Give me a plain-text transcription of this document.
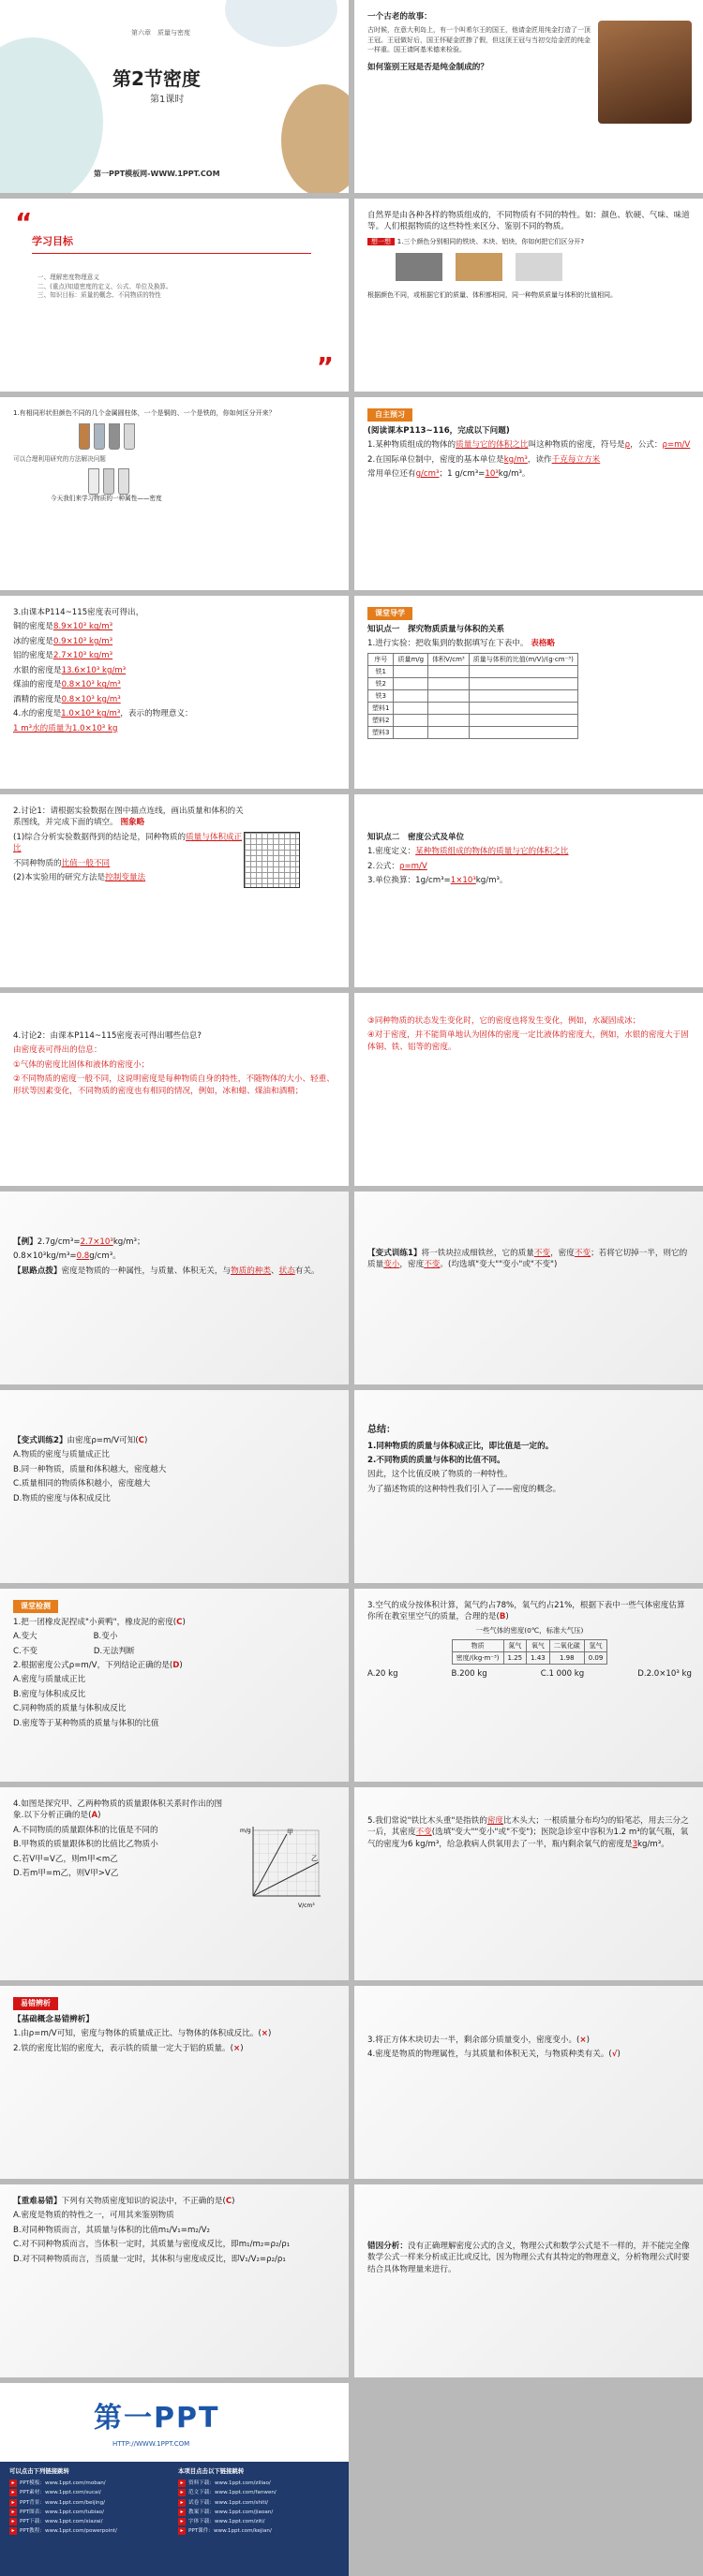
第六章　质量与密度
第2节密度
第1课时
第一PPT模板网-WWW.1PPT.COM
一个古老的故事：
古时候，在意大利岛上，有一个叫希尔王的国王，他请金匠用纯金打造了一顶王冠。王冠做好后，国王怀疑金匠掺了假，但这顶王冠与当初交给金匠的纯金一样重。国王请阿基米德来检验。
如何鉴别王冠是否是纯金制成的？
“
学习目标
一、理解密度物理意义
二、(重点)知道密度的定义、公式、单位及换算。
三、知识目标：质量的概念、不同物质的特性
”
自然界是由各种各样的物质组成的，不同物质有不同的特性。如：颜色、软硬、气味、味道等。人们根据物质的这些特性来区分、鉴别不同的物质。
想一想 1.三个颜色分别相同的铁块、木块、铝块，你如何把它们区分开?
根据颜色不同，或根据它们的质量、体积都相同，同一种物质质量与体积的比值相同。
1.有相同形状但颜色不同的几个金属圆柱体，一个是铜的、一个是铁的，你如何区分开来？
可以合理利用研究的方法解决问题
今天我们来学习物质的一种属性——密度
自主预习
(阅读课本P113~116，完成以下问题)
1.某种物质组成的物体的质量与它的体积之比叫这种物质的密度，符号是ρ，公式：ρ=m/V
2.在国际单位制中，密度的基本单位是kg/m³，读作千克每立方米
常用单位还有g/cm³；1 g/cm³=10³kg/m³。
3.由课本P114~115密度表可得出，
铜的密度是8.9×10³ kg/m³
冰的密度是0.9×10³ kg/m³
铝的密度是2.7×10³ kg/m³
水银的密度是13.6×10³ kg/m³
煤油的密度是0.8×10³ kg/m³
酒精的密度是0.8×10³ kg/m³
4.水的密度是1.0×10³ kg/m³，表示的物理意义：
1 m³水的质量为1.0×10³ kg
课堂导学
知识点一　探究物质质量与体积的关系
1.进行实验：把收集到的数据填写在下表中。 表格略
序号	质量m/g	体积V/cm³	质量与体积的比值(m/V)/(g·cm⁻³)
铁1			
铁2			
铁3			
塑料1			
塑料2			
塑料3			
2.讨论1：请根据实验数据在图中描点连线，画出质量和体积的关系图线，并完成下面的填空。 图象略
(1)综合分析实验数据得到的结论是，同种物质的质量与体积成正比
不同种物质的比值一般不同
(2)本实验用的研究方法是控制变量法
知识点二　密度公式及单位
1.密度定义：某种物质组成的物体的质量与它的体积之比
2.公式：ρ=m/V
3.单位换算：1g/cm³=1×10³kg/m³。
4.讨论2：由课本P114~115密度表可得出哪些信息?
由密度表可得出的信息：
①气体的密度比固体和液体的密度小；
②不同物质的密度一般不同，这说明密度是每种物质自身的特性，不随物体的大小、轻重、形状等因素变化，不同物质的密度也有相同的情况，例如，冰和蜡、煤油和酒精；
③同种物质的状态发生变化时，它的密度也将发生变化，例如，水凝固成冰；
④对于密度，并不能简单地认为固体的密度一定比液体的密度大，例如，水银的密度大于固体铜、铁、铝等的密度。
【例】2.7g/cm³=2.7×10³kg/m³；
0.8×10³kg/m³=0.8g/cm³。
【思路点拨】密度是物质的一种属性，与质量、体积无关，与物质的种类、状态有关。
【变式训练1】将一铁块拉成细铁丝，它的质量不变，密度不变；若将它切掉一半，则它的质量变小，密度不变。(均选填"变大""变小"或"不变")
【变式训练2】由密度ρ=m/V可知(C)
A.物质的密度与质量成正比
B.同一种物质，质量和体积越大，密度越大
C.质量相同的物质体积越小，密度越大
D.物质的密度与体积成反比
总结：
1.同种物质的质量与体积成正比，即比值是一定的。
2.不同物质的质量与体积的比值不同。
因此，这个比值反映了物质的一种特性。
为了描述物质的这种特性我们引入了——密度的概念。
课堂检测
1.把一团橡皮泥捏成"小黄鸭"，橡皮泥的密度(C)
A.变大	B.变小
C.不变	D.无法判断
2.根据密度公式ρ=m/V，下列结论正确的是(D)
A.密度与质量成正比
B.密度与体积成反比
C.同种物质的质量与体积成反比
D.密度等于某种物质的质量与体积的比值
3.空气的成分按体积计算，氮气约占78%，氧气约占21%，根据下表中一些气体密度估算你所在教室里空气的质量，合理的是(B)
一些气体的密度(0℃，标准大气压)
物质	氮气	氧气	二氧化碳	氢气
密度/(kg·m⁻³)	1.25	1.43	1.98	0.09
A.20 kg	B.200 kg	C.1 000 kg	D.2.0×10³ kg
4.如图是探究甲、乙两种物质的质量跟体积关系时作出的图象.以下分析正确的是(A)
A.不同物质的质量跟体积的比值是不同的
B.甲物质的质量跟体积的比值比乙物质小
C.若V甲=V乙，则m甲<m乙
D.若m甲=m乙，则V甲>V乙
甲
乙
m/g
V/cm³
5.我们常说"铁比木头重"是指铁的密度比木头大；一根质量分布均匀的铅笔芯，用去三分之一后，其密度不变(选填"变大""变小"或"不变")；医院急诊室中容积为1.2 m³的氧气瓶，氧气的密度为6 kg/m³，给急救病人供氧用去了一半，瓶内剩余氧气的密度是3kg/m³。
易错辨析
【基础概念易错辨析】
1.由ρ=m/V可知，密度与物体的质量成正比、与物体的体积成反比。(×)
2.铁的密度比铝的密度大，表示铁的质量一定大于铝的质量。(×)
3.将正方体木块切去一半，剩余部分质量变小，密度变小。(×)
4.密度是物质的物理属性，与其质量和体积无关，与物质种类有关。(√)
【重难易错】下列有关物质密度知识的说法中，不正确的是(C)
A.密度是物质的特性之一，可用其来鉴别物质
B.对同种物质而言，其质量与体积的比值m₁/V₁=m₂/V₂
C.对不同种物质而言，当体积一定时，其质量与密度成反比，即m₁/m₂=ρ₂/ρ₁
D.对不同种物质而言，当质量一定时，其体积与密度成反比，即V₁/V₂=ρ₂/ρ₁
错因分析：没有正确理解密度公式的含义，物理公式和数学公式是不一样的，并不能完全像数学公式一样来分析成正比或反比，因为物理公式有其特定的物理意义，分析物理公式时要结合具体物理量来进行。
第一PPT
HTTP://WWW.1PPT.COM
可以点击下列链接跳转
▸ PPT模板：www.1ppt.com/moban/
▸ PPT素材：www.1ppt.com/sucai/
▸ PPT背景：www.1ppt.com/beijing/
▸ PPT图表：www.1ppt.com/tubiao/
▸ PPT下载：www.1ppt.com/xiazai/
▸ PPT教程：www.1ppt.com/powerpoint/
本项目点击以下链接跳转
▸ 资料下载：www.1ppt.com/ziliao/
▸ 范文下载：www.1ppt.com/fanwen/
▸ 试卷下载：www.1ppt.com/shiti/
▸ 教案下载：www.1ppt.com/jiaoan/
▸ 字体下载：www.1ppt.com/ziti/
▸ PPT课件：www.1ppt.com/kejian/
